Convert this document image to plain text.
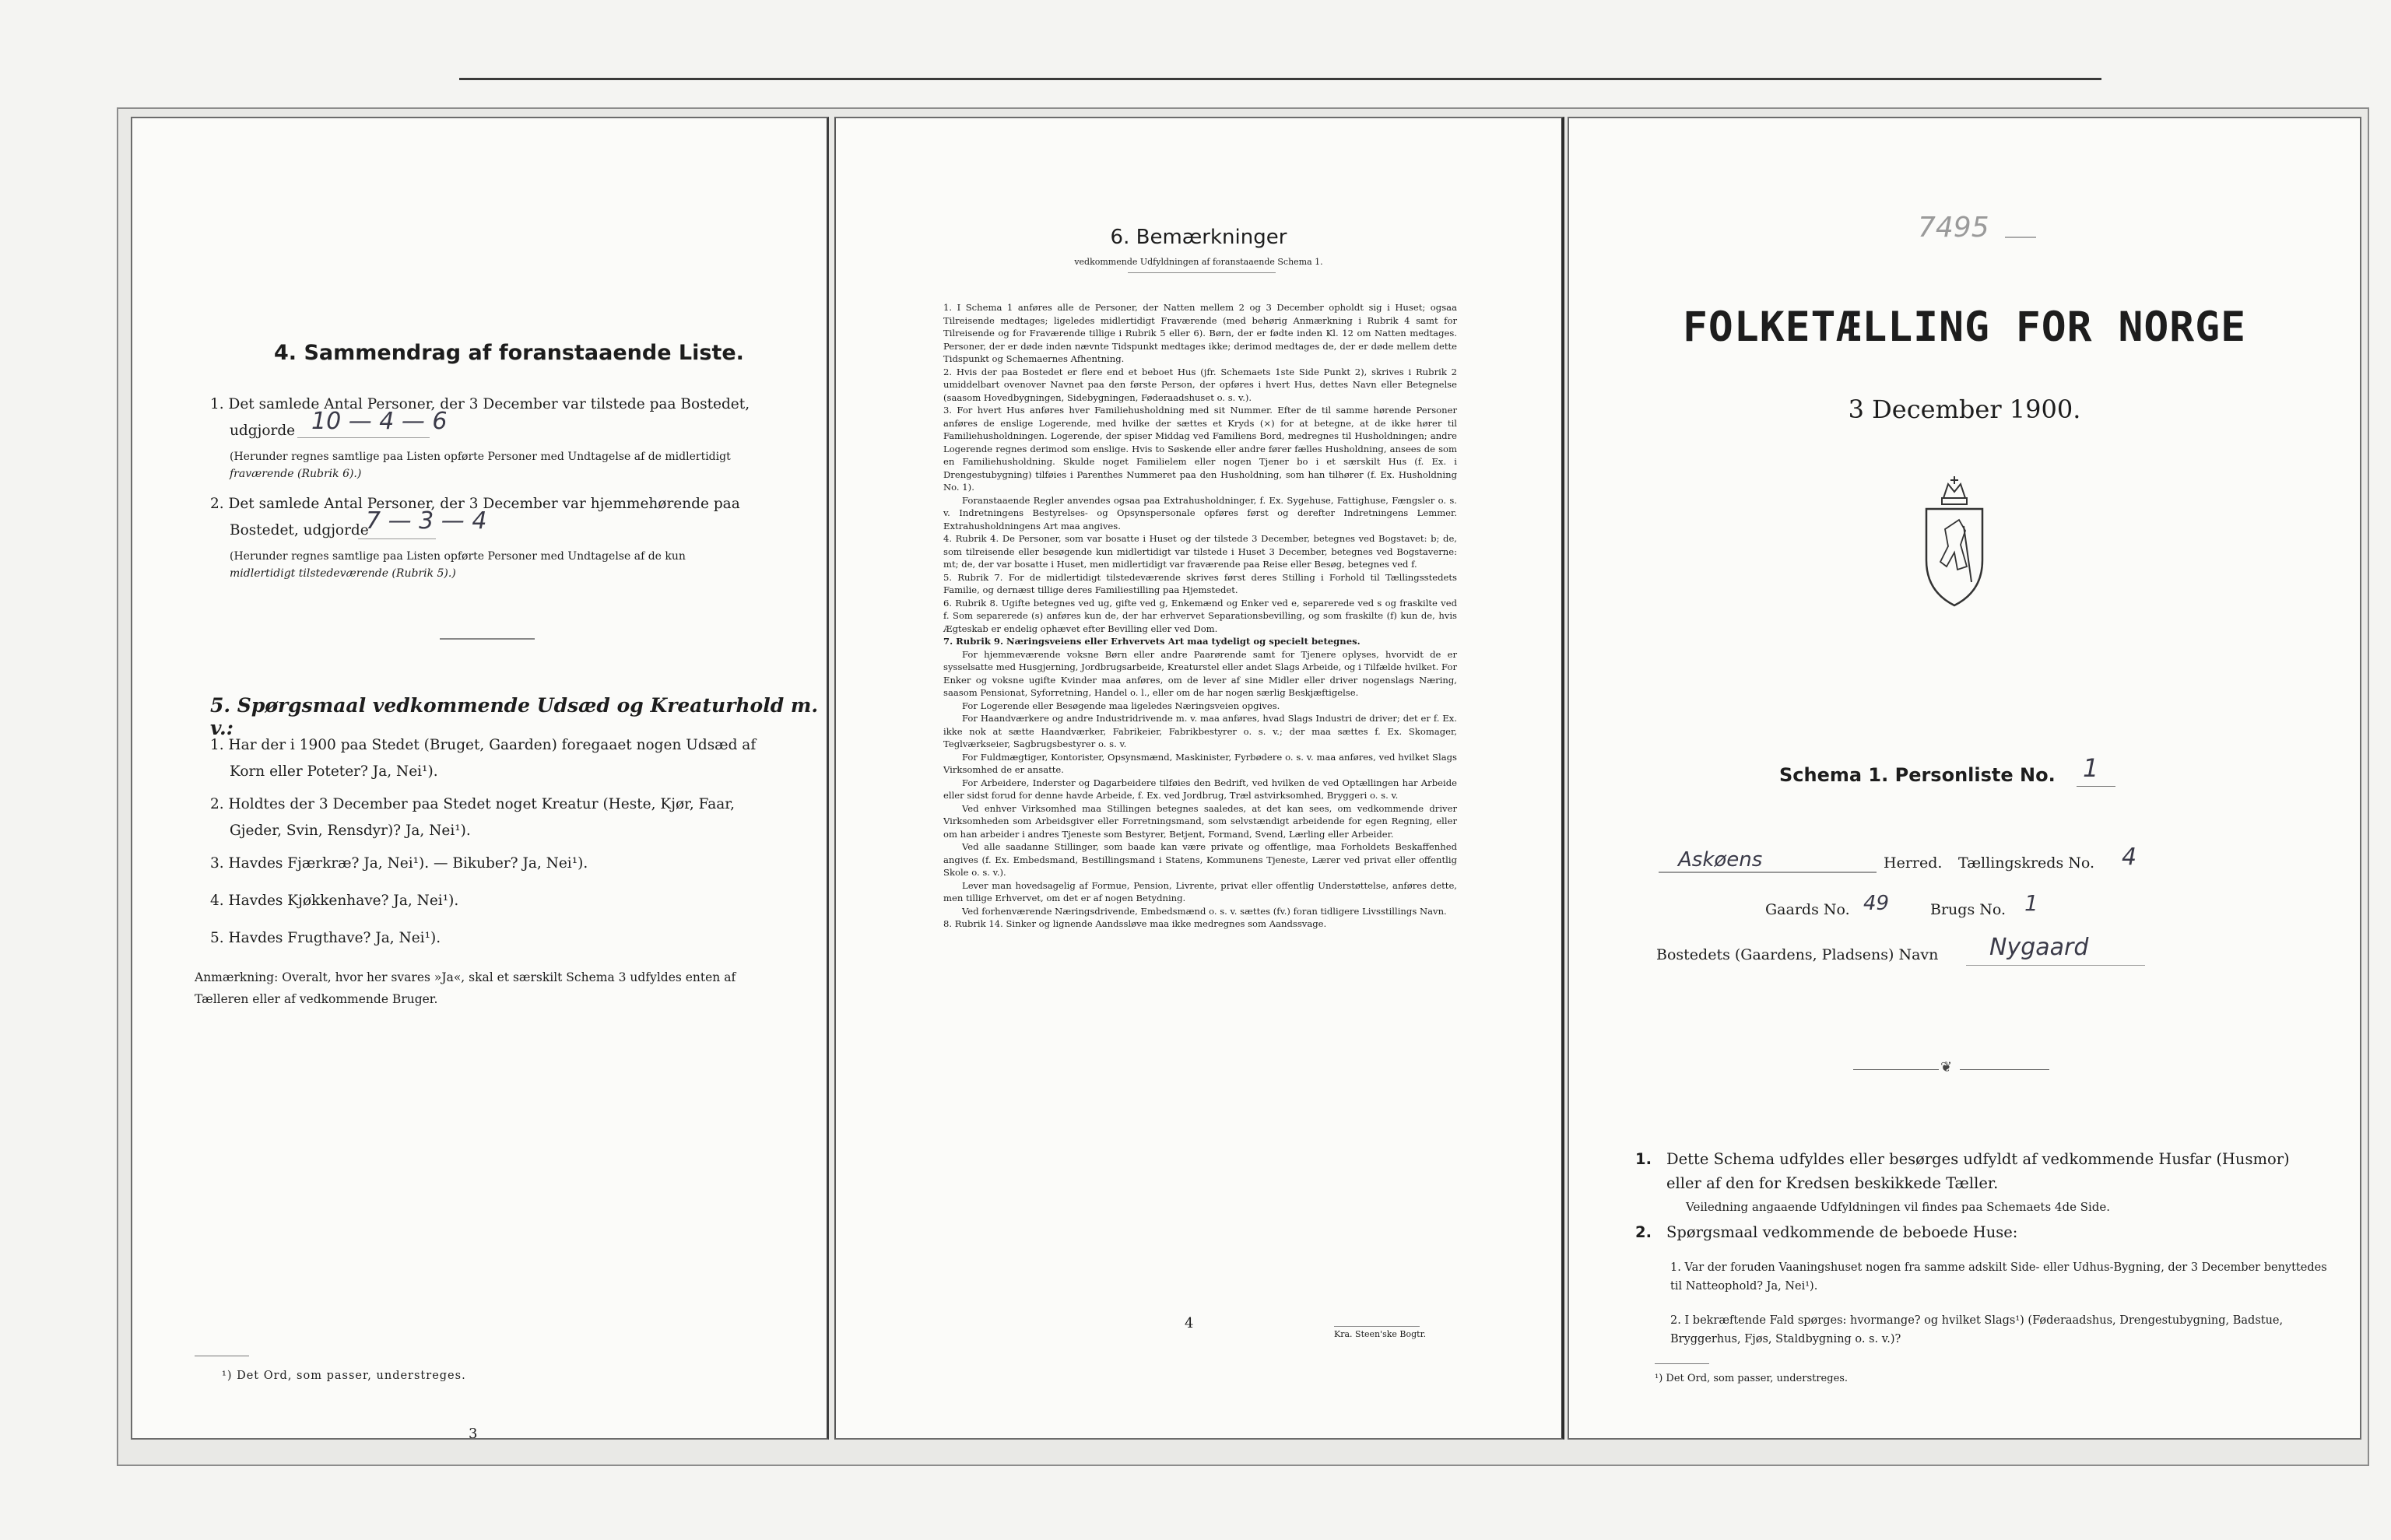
4. Sammendrag af foranstaaende Liste.
1. Det samlede Antal Personer, der 3 December var tilstede paa Bostedet,
udgjorde 10 — 4 — 6
(Herunder regnes samtlige paa Listen opførte Personer med Undtagelse af de midlertidigt
fraværende (Rubrik 6).)
2. Det samlede Antal Personer, der 3 December var hjemmehørende paa
Bostedet, udgjorde
7 — 3 — 4
(Herunder regnes samtlige paa Listen opførte Personer med Undtagelse af de kun
midlertidigt tilstedeværende (Rubrik 5).)
5. Spørgsmaal vedkommende Udsæd og Kreaturhold m. v.:
1. Har der i 1900 paa Stedet (Bruget, Gaarden) foregaaet nogen Udsæd af
Korn eller Poteter? Ja, Nei¹).
2. Holdtes der 3 December paa Stedet noget Kreatur (Heste, Kjør, Faar,
Gjeder, Svin, Rensdyr)? Ja, Nei¹).
3. Havdes Fjærkræ? Ja, Nei¹). — Bikuber? Ja, Nei¹).
4. Havdes Kjøkkenhave? Ja, Nei¹).
5. Havdes Frugthave? Ja, Nei¹).
Anmærkning: Overalt, hvor her svares »Ja«, skal et særskilt Schema 3 udfyldes enten af Tælleren eller af vedkommende Bruger.
¹) Det Ord, som passer, understreges.
3
6. Bemærkninger
vedkommende Udfyldningen af foranstaaende Schema 1.

1. I Schema 1 anføres alle de Personer, der Natten mellem 2 og 3 December opholdt sig i Huset; ogsaa Tilreisende medtages; ligeledes midlertidigt Fraværende (med behørig Anmærkning i Rubrik 4 samt for Tilreisende og for Fraværende tillige i Rubrik 5 eller 6). Børn, der er fødte inden Kl. 12 om Natten medtages. Personer, der er døde inden nævnte Tidspunkt medtages ikke; derimod medtages de, der er døde mellem dette Tidspunkt og Schemaernes Afhentning.

2. Hvis der paa Bostedet er flere end et beboet Hus (jfr. Schemaets 1ste Side Punkt 2), skrives i Rubrik 2 umiddelbart ovenover Navnet paa den første Person, der opføres i hvert Hus, dettes Navn eller Betegnelse (saasom Hovedbygningen, Sidebygningen, Føderaadshuset o. s. v.).

3. For hvert Hus anføres hver Familiehusholdning med sit Nummer. Efter de til samme hørende Personer anføres de enslige Logerende, med hvilke der sættes et Kryds (×) for at betegne, at de ikke hører til Familiehusholdningen. Logerende, der spiser Middag ved Familiens Bord, medregnes til Husholdningen; andre Logerende regnes derimod som enslige. Hvis to Søskende eller andre fører fælles Husholdning, ansees de som en Familiehusholdning. Skulde noget Familielem eller nogen Tjener bo i et særskilt Hus (f. Ex. i Drengestubygning) tilføies i Parenthes Nummeret paa den Husholdning, som han tilhører (f. Ex. Husholdning No. 1).

Foranstaaende Regler anvendes ogsaa paa Extrahusholdninger, f. Ex. Sygehuse, Fattighuse, Fængsler o. s. v. Indretningens Bestyrelses- og Opsynspersonale opføres først og derefter Indretningens Lemmer. Extrahusholdningens Art maa angives.

4. Rubrik 4. De Personer, som var bosatte i Huset og der tilstede 3 December, betegnes ved Bogstavet: b; de, som tilreisende eller besøgende kun midlertidigt var tilstede i Huset 3 December, betegnes ved Bogstaverne: mt; de, der var bosatte i Huset, men midlertidigt var fraværende paa Reise eller Besøg, betegnes ved f.

5. Rubrik 7. For de midlertidigt tilstedeværende skrives først deres Stilling i Forhold til Tællingsstedets Familie, og dernæst tillige deres Familiestilling paa Hjemstedet.

6. Rubrik 8. Ugifte betegnes ved ug, gifte ved g, Enkemænd og Enker ved e, separerede ved s og fraskilte ved f. Som separerede (s) anføres kun de, der har erhvervet Separationsbevilling, og som fraskilte (f) kun de, hvis Ægteskab er endelig ophævet efter Bevilling eller ved Dom.

7. Rubrik 9. Næringsveiens eller Erhvervets Art maa tydeligt og specielt betegnes.

For hjemmeværende voksne Børn eller andre Paarørende samt for Tjenere oplyses, hvorvidt de er sysselsatte med Husgjerning, Jordbrugsarbeide, Kreaturstel eller andet Slags Arbeide, og i Tilfælde hvilket. For Enker og voksne ugifte Kvinder maa anføres, om de lever af sine Midler eller driver nogenslags Næring, saasom Pensionat, Syforretning, Handel o. l., eller om de har nogen særlig Beskjæftigelse.

For Logerende eller Besøgende maa ligeledes Næringsveien opgives.

For Haandværkere og andre Industridrivende m. v. maa anføres, hvad Slags Industri de driver; det er f. Ex. ikke nok at sætte Haandværker, Fabrikeier, Fabrikbestyrer o. s. v.; der maa sættes f. Ex. Skomager, Teglværkseier, Sagbrugsbestyrer o. s. v.

For Fuldmægtiger, Kontorister, Opsynsmænd, Maskinister, Fyrbødere o. s. v. maa anføres, ved hvilket Slags Virksomhed de er ansatte.

For Arbeidere, Inderster og Dagarbeidere tilføies den Bedrift, ved hvilken de ved Optællingen har Arbeide eller sidst forud for denne havde Arbeide, f. Ex. ved Jordbrug, Træl astvirksomhed, Bryggeri o. s. v.

Ved enhver Virksomhed maa Stillingen betegnes saaledes, at det kan sees, om vedkommende driver Virksomheden som Arbeidsgiver eller Forretningsmand, som selvstændigt arbeidende for egen Regning, eller om han arbeider i andres Tjeneste som Bestyrer, Betjent, Formand, Svend, Lærling eller Arbeider.

Ved alle saadanne Stillinger, som baade kan være private og offentlige, maa Forholdets Beskaffenhed angives (f. Ex. Embedsmand, Bestillingsmand i Statens, Kommunens Tjeneste, Lærer ved privat eller offentlig Skole o. s. v.).

Lever man hovedsagelig af Formue, Pension, Livrente, privat eller offentlig Understøttelse, anføres dette, men tillige Erhvervet, om det er af nogen Betydning.

Ved forhenværende Næringsdrivende, Embedsmænd o. s. v. sættes (fv.) foran tidligere Livsstillings Navn.

8. Rubrik 14. Sinker og lignende Aandssløve maa ikke medregnes som Aandssvage.

4
Kra. Steen'ske Bogtr.
7495
FOLKETÆLLING FOR NORGE
3 December 1900.
Schema 1. Personliste No. 1
Askøens	Herred. Tællingskreds No. 4
Gaards No. 49	Brugs No. 1
Bostedets (Gaardens, Pladsens) Navn Nygaard
❦
1. Dette Schema udfyldes eller besørges udfyldt af vedkommende Husfar (Husmor) eller af den for Kredsen beskikkede Tæller.
Veiledning angaaende Udfyldningen vil findes paa Schemaets 4de Side.
2. Spørgsmaal vedkommende de beboede Huse:
1. Var der foruden Vaaningshuset nogen fra samme adskilt Side- eller Udhus-Bygning, der 3 December benyttedes til Natteophold? Ja, Nei¹).
2. I bekræftende Fald spørges: hvormange? og hvilket Slags¹) (Føderaadshus, Drengestubygning, Badstue, Bryggerhus, Fjøs, Staldbygning o. s. v.)?
¹) Det Ord, som passer, understreges.
